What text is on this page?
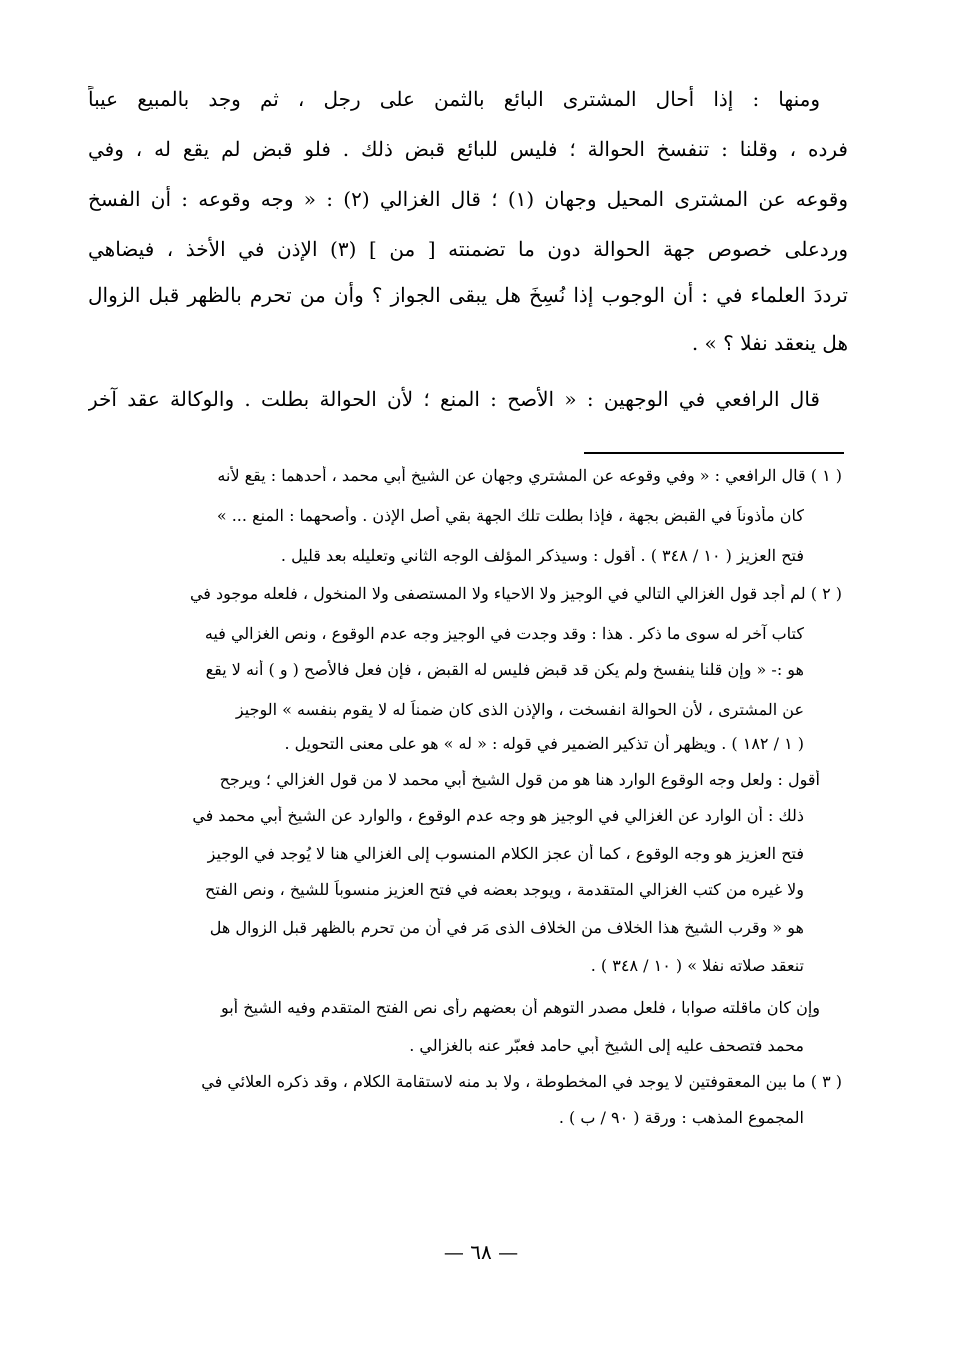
ومنها : إذا أحال المشترى البائع بالثمن على رجل ، ثم وجد بالمبيع عيباً

فرده ، وقلنا : تنفسخ الحوالة ؛ فليس للبائع قبض ذلك . فلو قبض لم يقع له ، وفي

وقوعه عن المشترى المحيل وجهان (١) ؛ قال الغزالي (٢) : « وجه وقوعه : أن الفسخ

وردعلى خصوص جهة الحوالة دون ما تضمنته [ من ] (٣) الإذن في الأخذ ، فيضاهي

ترددَ العلماء في : أن الوجوب إذا نُسِخَ هل يبقى الجواز ؟ وأن من تحرم بالظهر قبل الزوال

هل ينعقد نفلا ؟ » .

قال الرافعي في الوجهين : « الأصح : المنع ؛ لأن الحوالة بطلت . والوكالة عقد آخر

( ١ ) قال الرافعي : « وفي وقوعه عن المشتري وجهان عن الشيخ أبي محمد ، أحدهما : يقع لأنه

كان مأذوناً في القبض بجهة ، فإذا بطلت تلك الجهة بقي أصل الإذن . وأصحهما : المنع ... »

فتح العزيز ( ١٠ / ٣٤٨ ) . أقول : وسيذكر المؤلف الوجه الثاني وتعليله بعد قليل .

( ٢ ) لم أجد قول الغزالي التالي في الوجيز ولا الاحياء ولا المستصفى ولا المنخول ، فلعله موجود في

كتاب آخر له سوى ما ذكر . هذا : وقد وجدت في الوجيز وجه عدم الوقوع ، ونص الغزالي فيه

هو :- « وإن قلنا ينفسخ ولم يكن قد قبض فليس له القبض ، فإن فعل فالأصح ( و ) أنه لا يقع

عن المشترى ، لأن الحوالة انفسخت ، والإذن الذى كان ضمناً له لا يقوم بنفسه » الوجيز

( ١ / ١٨٢ ) . ويظهر أن تذكير الضمير في قوله : « له » هو على معنى التحويل .

أقول : ولعل وجه الوقوع الوارد هنا هو من قول الشيخ أبي محمد لا من قول الغزالي ؛ ويرجح

ذلك : أن الوارد عن الغزالي في الوجيز هو وجه عدم الوقوع ، والوارد عن الشيخ أبي محمد في

فتح العزيز هو وجه الوقوع ، كما أن عجز الكلام المنسوب إلى الغزالي هنا لا يُوجد في الوجيز

ولا غيره من كتب الغزالي المتقدمة ، ويوجد بعضه في فتح العزيز منسوباً للشيخ ، ونص الفتح

هو « وقرب الشيخ هذا الخلاف من الخلاف الذى مَر في أن من تحرم بالظهر قبل الزوال هل

تنعقد صلاته نفلا » ( ١٠ / ٣٤٨ ) .

وإن كان ماقلته صوابا ، فلعل مصدر التوهم أن بعضهم رأى نص الفتح المتقدم وفيه الشيخ أبو

محمد فتصحف عليه إلى الشيخ أبي حامد فعبّر عنه بالغزالي .

( ٣ ) ما بين المعقوفتين لا يوجد في المخطوطة ، ولا بد منه لاستقامة الكلام ، وقد ذكره العلائي في

المجموع المذهب : ورقة ( ٩٠ / ب ) .

— ٦٨ —
